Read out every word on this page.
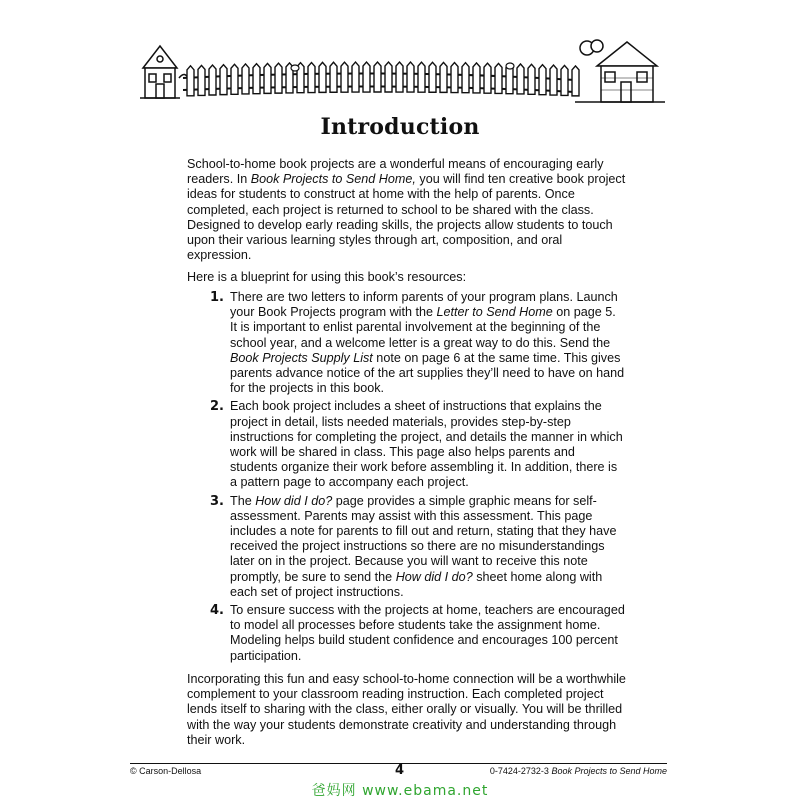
Introduction

School-to-home book projects are a wonderful means of encouraging early readers. In Book Projects to Send Home, you will find ten creative book project ideas for students to construct at home with the help of parents. Once completed, each project is returned to school to be shared with the class. Designed to develop early reading skills, the projects allow students to touch upon their various learning styles through art, composition, and oral expression.

Here is a blueprint for using this book’s resources:

1. There are two letters to inform parents of your program plans. Launch your Book Projects program with the Letter to Send Home on page 5. It is important to enlist parental involvement at the beginning of the school year, and a welcome letter is a great way to do this. Send the Book Projects Supply List note on page 6 at the same time. This gives parents advance notice of the art supplies they’ll need to have on hand for the projects in this book.
2. Each book project includes a sheet of instructions that explains the project in detail, lists needed materials, provides step-by-step instructions for completing the project, and details the manner in which work will be shared in class. This page also helps parents and students organize their work before assembling it. In addition, there is a pattern page to accompany each project.
3. The How did I do? page provides a simple graphic means for self-assessment. Parents may assist with this assessment. This page includes a note for parents to fill out and return, stating that they have received the project instructions so there are no misunderstandings later on in the project. Because you will want to receive this note promptly, be sure to send the How did I do? sheet home along with each set of project instructions.
4. To ensure success with the projects at home, teachers are encouraged to model all processes before students take the assignment home. Modeling helps build student confidence and encourages 100 percent participation.

Incorporating this fun and easy school-to-home connection will be a worthwhile complement to your classroom reading instruction. Each completed project lends itself to sharing with the class, either orally or visually. You will be thrilled with the way your students demonstrate creativity and understanding through their work.

© Carson-Dellosa	4	0-7424-2732-3 Book Projects to Send Home
爸妈网 www.ebama.net
